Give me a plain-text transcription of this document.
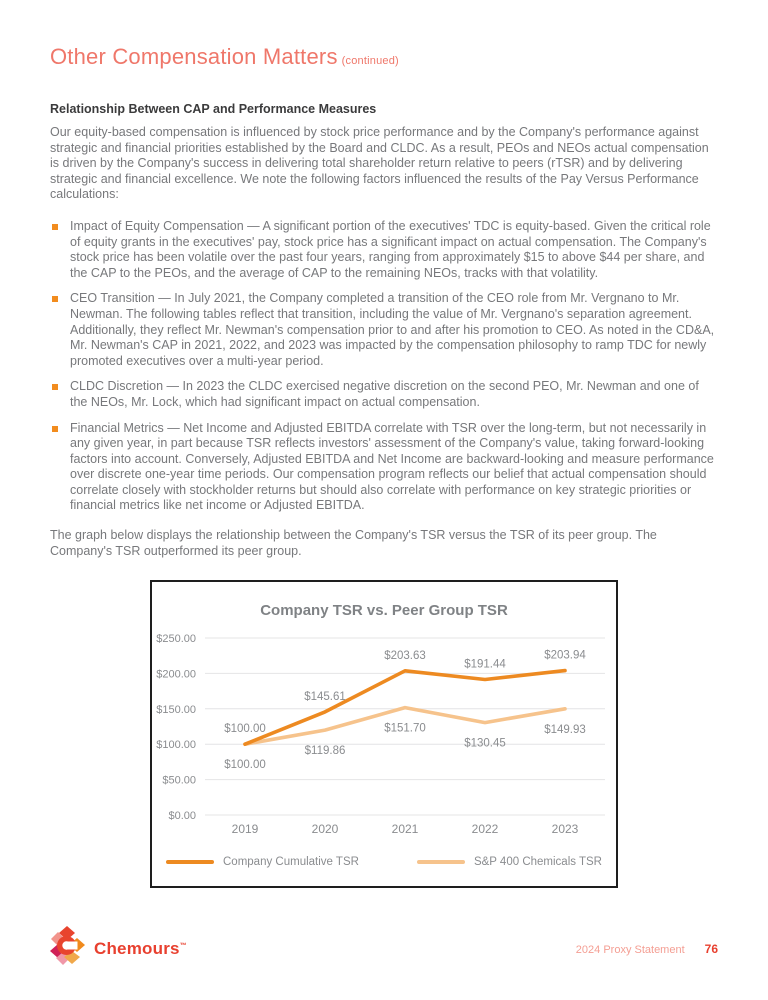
Other Compensation Matters (continued)
Relationship Between CAP and Performance Measures

Our equity-based compensation is influenced by stock price performance and by the Company's performance against strategic and financial priorities established by the Board and CLDC. As a result, PEOs and NEOs actual compensation is driven by the Company's success in delivering total shareholder return relative to peers (rTSR) and by delivering strategic and financial excellence. We note the following factors influenced the results of the Pay Versus Performance calculations:

Impact of Equity Compensation — A significant portion of the executives' TDC is equity-based. Given the critical role of equity grants in the executives' pay, stock price has a significant impact on actual compensation. The Company's stock price has been volatile over the past four years, ranging from approximately $15 to above $44 per share, and the CAP to the PEOs, and the average of CAP to the remaining NEOs, tracks with that volatility.

CEO Transition — In July 2021, the Company completed a transition of the CEO role from Mr. Vergnano to Mr. Newman. The following tables reflect that transition, including the value of Mr. Vergnano's separation agreement. Additionally, they reflect Mr. Newman's compensation prior to and after his promotion to CEO. As noted in the CD&A, Mr. Newman's CAP in 2021, 2022, and 2023 was impacted by the compensation philosophy to ramp TDC for newly promoted executives over a multi-year period.

CLDC Discretion — In 2023 the CLDC exercised negative discretion on the second PEO, Mr. Newman and one of the NEOs, Mr. Lock, which had significant impact on actual compensation.

Financial Metrics — Net Income and Adjusted EBITDA correlate with TSR over the long-term, but not necessarily in any given year, in part because TSR reflects investors' assessment of the Company's value, taking forward-looking factors into account. Conversely, Adjusted EBITDA and Net Income are backward-looking and measure performance over discrete one-year time periods. Our compensation program reflects our belief that actual compensation should correlate closely with stockholder returns but should also correlate with performance on key strategic priorities or financial metrics like net income or Adjusted EBITDA.

The graph below displays the relationship between the Company's TSR versus the TSR of its peer group. The Company's TSR outperformed its peer group.

Company TSR vs. Peer Group TSR
$250.00
$200.00
$150.00
$100.00
$50.00
$0.00
2019	2020	2021	2022	2023
$100.00
$145.61
$203.63
$191.44
$203.94
$100.00
$119.86
$151.70
$130.45
$149.93
Company Cumulative TSR	S&P 400 Chemicals TSR
Chemours™	2024 Proxy Statement 76
